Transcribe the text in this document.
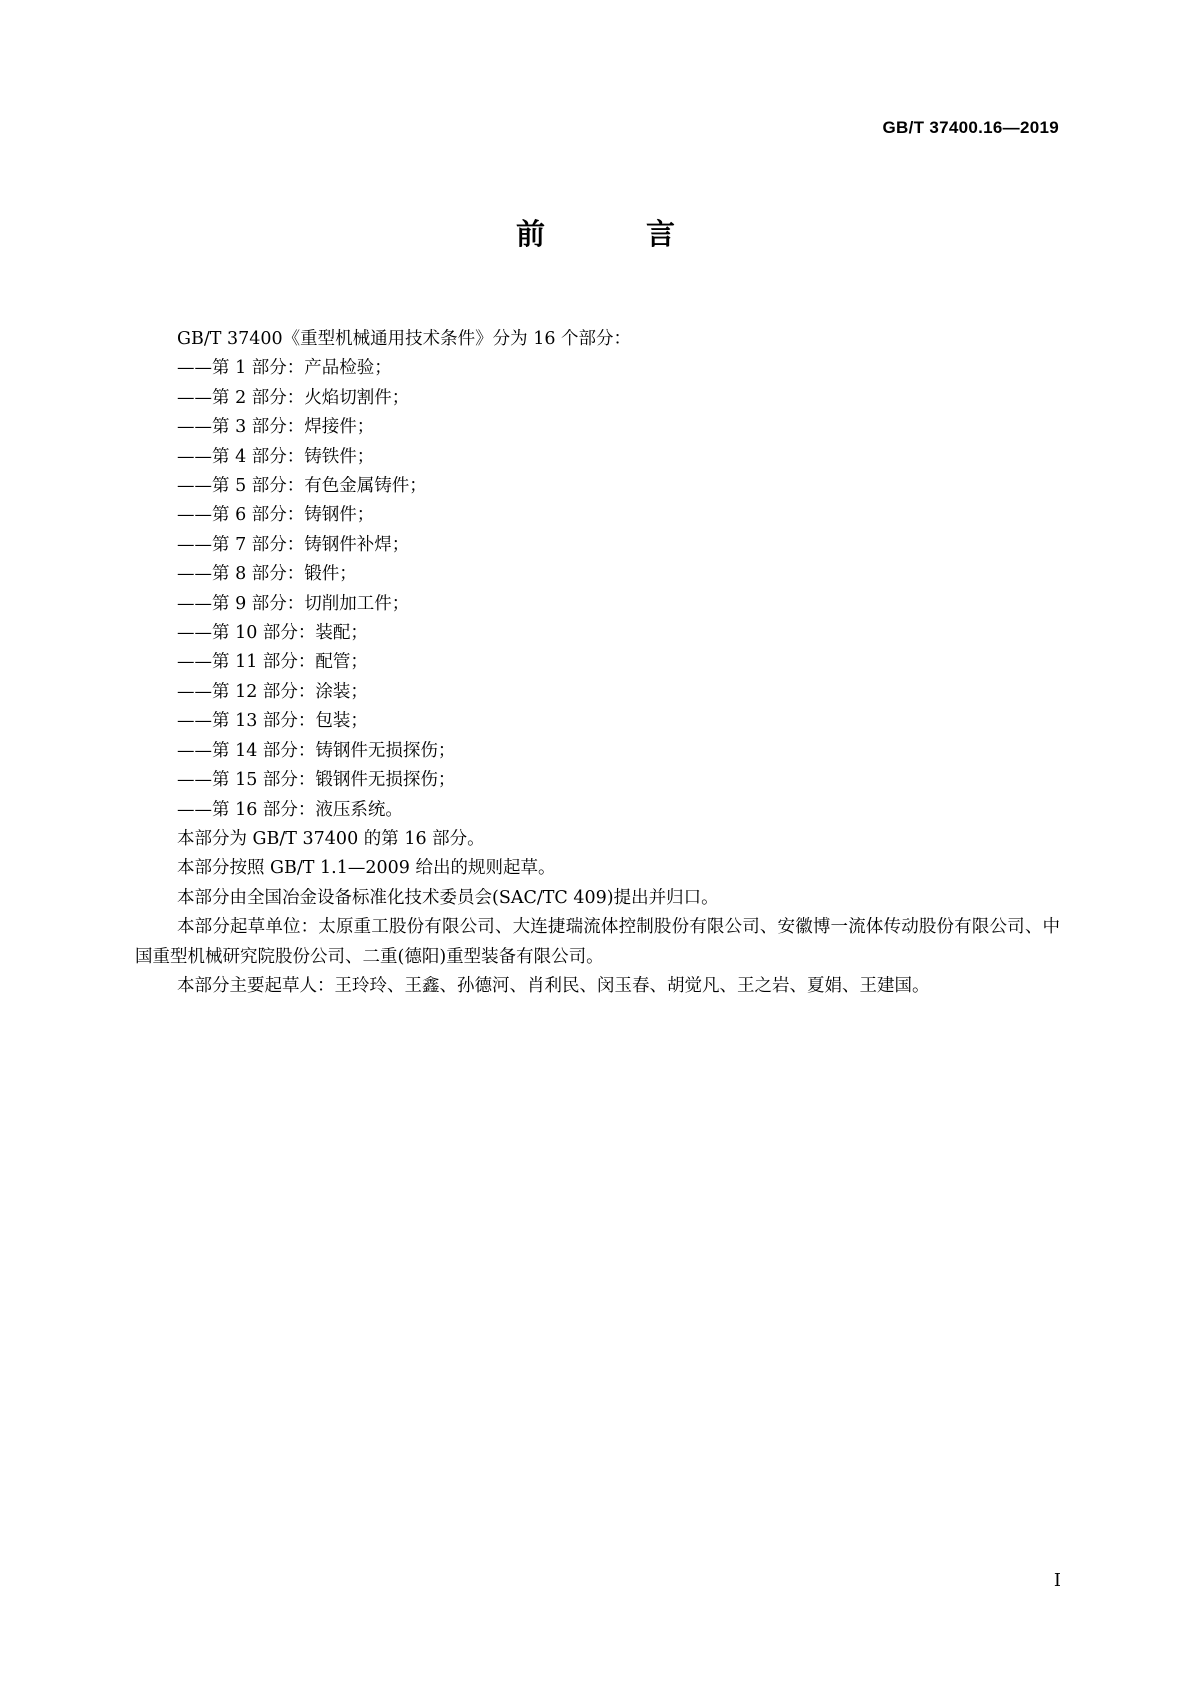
GB/T 37400.16—2019
前　言
GB/T 37400《重型机械通用技术条件》分为 16 个部分：
——第 1 部分：产品检验；
——第 2 部分：火焰切割件；
——第 3 部分：焊接件；
——第 4 部分：铸铁件；
——第 5 部分：有色金属铸件；
——第 6 部分：铸钢件；
——第 7 部分：铸钢件补焊；
——第 8 部分：锻件；
——第 9 部分：切削加工件；
——第 10 部分：装配；
——第 11 部分：配管；
——第 12 部分：涂装；
——第 13 部分：包装；
——第 14 部分：铸钢件无损探伤；
——第 15 部分：锻钢件无损探伤；
——第 16 部分：液压系统。
本部分为 GB/T 37400 的第 16 部分。
本部分按照 GB/T 1.1—2009 给出的规则起草。
本部分由全国冶金设备标准化技术委员会(SAC/TC 409)提出并归口。
本部分起草单位：太原重工股份有限公司、大连捷瑞流体控制股份有限公司、安徽博一流体传动股份有限公司、中国重型机械研究院股份公司、二重(德阳)重型装备有限公司。
本部分主要起草人：王玲玲、王鑫、孙德河、肖利民、闵玉春、胡觉凡、王之岩、夏娟、王建国。
I
